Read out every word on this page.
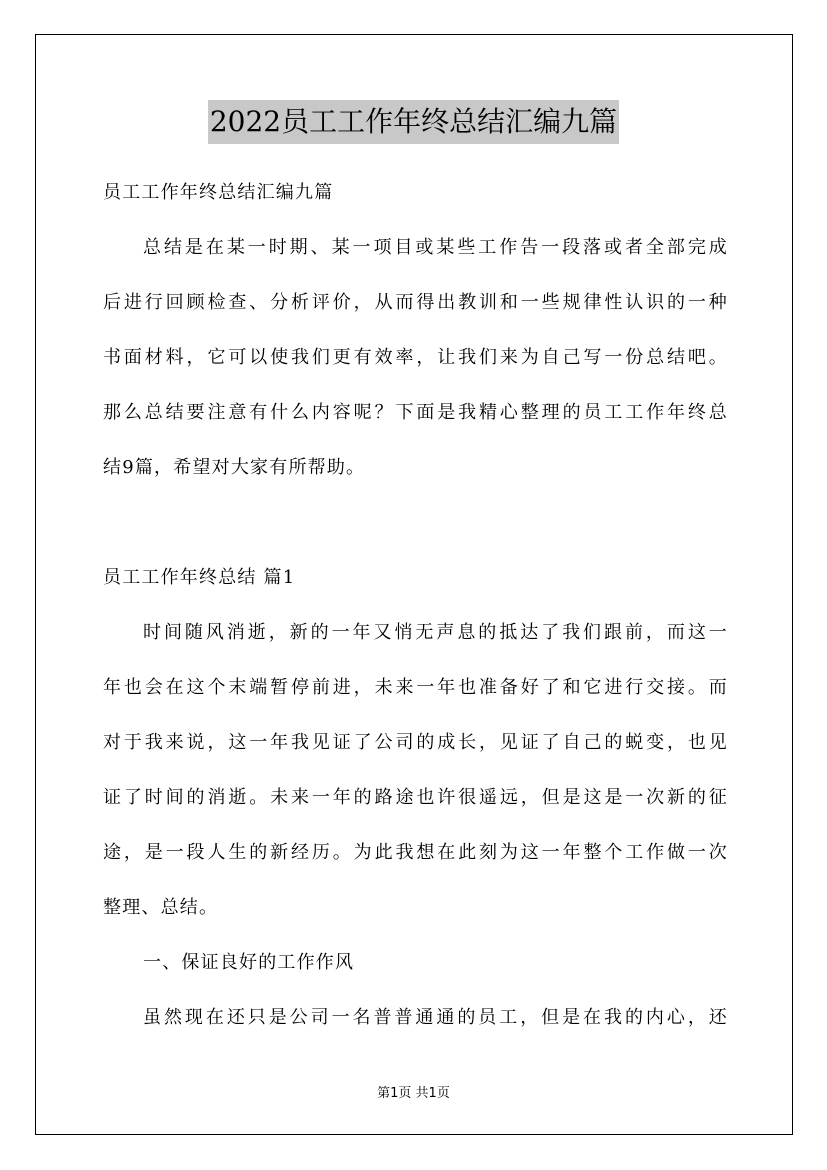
2022员工工作年终总结汇编九篇
员工工作年终总结汇编九篇
总结是在某一时期、某一项目或某些工作告一段落或者全部完成
后进行回顾检查、分析评价，从而得出教训和一些规律性认识的一种
书面材料，它可以使我们更有效率，让我们来为自己写一份总结吧。
那么总结要注意有什么内容呢？下面是我精心整理的员工工作年终总
结9篇，希望对大家有所帮助。
员工工作年终总结 篇1
时间随风消逝，新的一年又悄无声息的抵达了我们跟前，而这一
年也会在这个末端暂停前进，未来一年也准备好了和它进行交接。而
对于我来说，这一年我见证了公司的成长，见证了自己的蜕变，也见
证了时间的消逝。未来一年的路途也许很遥远，但是这是一次新的征
途，是一段人生的新经历。为此我想在此刻为这一年整个工作做一次
整理、总结。
一、保证良好的工作作风
虽然现在还只是公司一名普普通通的员工，但是在我的内心，还
第1页 共1页
